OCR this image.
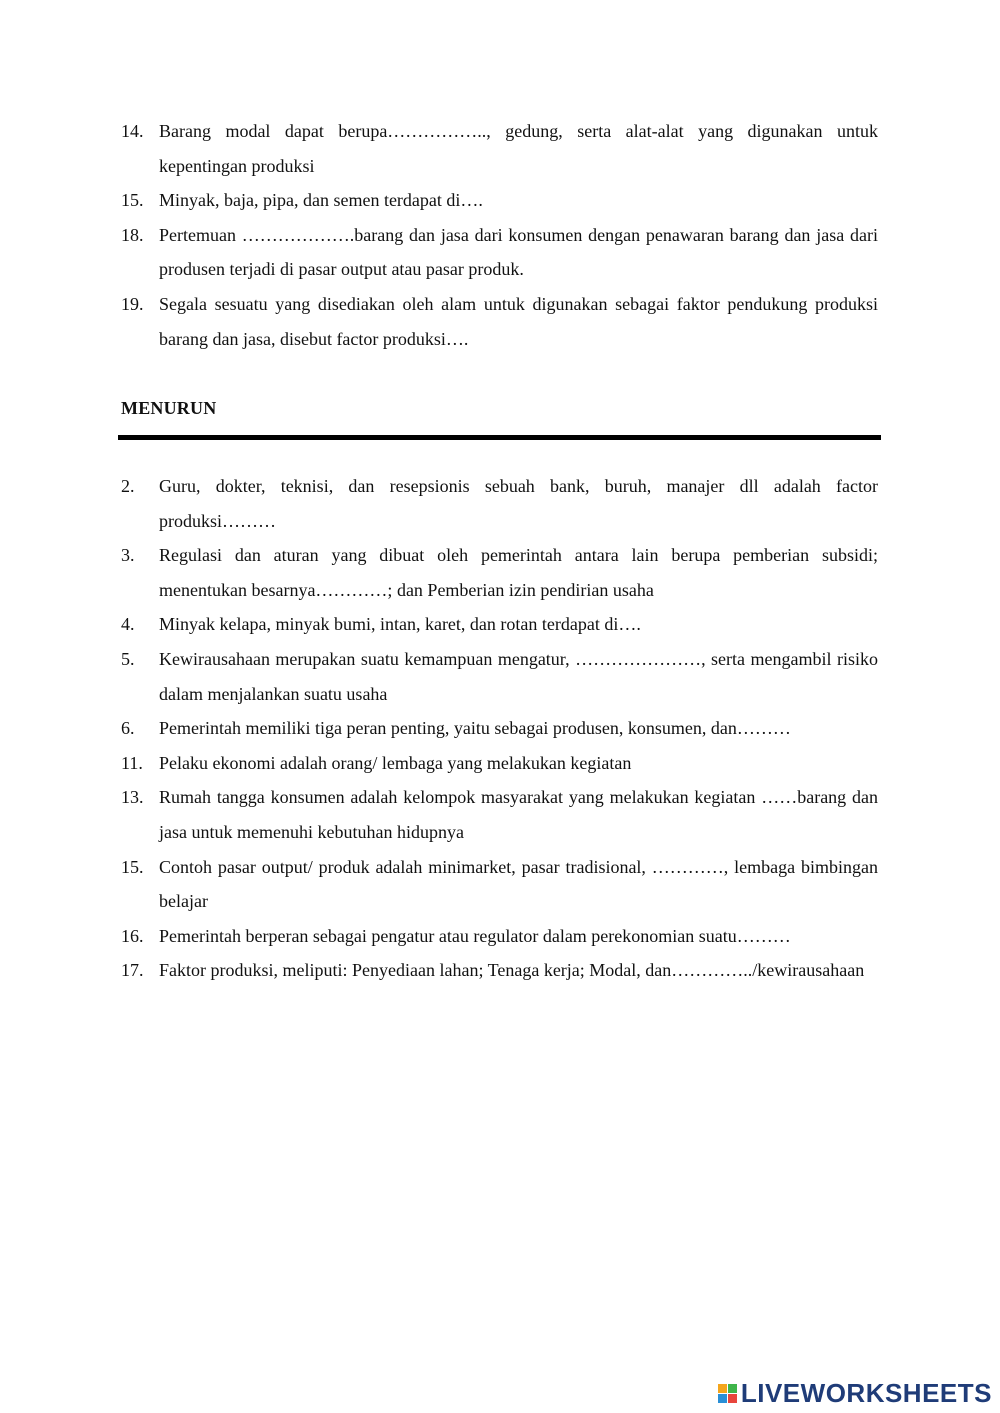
14. Barang modal dapat berupa…………….., gedung, serta alat-alat yang digunakan untuk kepentingan produksi
15. Minyak, baja, pipa, dan semen terdapat di….
18. Pertemuan ……………….barang dan jasa dari konsumen dengan penawaran barang dan jasa dari produsen terjadi di pasar output atau pasar produk.
19. Segala sesuatu yang disediakan oleh alam untuk digunakan sebagai faktor pendukung produksi barang dan jasa, disebut factor produksi….
MENURUN
2. Guru, dokter, teknisi, dan resepsionis sebuah bank, buruh, manajer dll adalah factor produksi………
3. Regulasi dan aturan yang dibuat oleh pemerintah antara lain berupa pemberian subsidi; menentukan besarnya…………; dan Pemberian izin pendirian usaha
4. Minyak kelapa, minyak bumi, intan, karet, dan rotan terdapat di….
5. Kewirausahaan merupakan suatu kemampuan mengatur, …………………, serta mengambil risiko dalam menjalankan suatu usaha
6. Pemerintah memiliki tiga peran penting, yaitu sebagai produsen, konsumen, dan………
11. Pelaku ekonomi adalah orang/ lembaga yang melakukan kegiatan
13. Rumah tangga konsumen adalah kelompok masyarakat yang melakukan kegiatan ……barang dan jasa untuk memenuhi kebutuhan hidupnya
15. Contoh pasar output/ produk adalah minimarket, pasar tradisional, …………, lembaga bimbingan belajar
16. Pemerintah berperan sebagai pengatur atau regulator dalam perekonomian suatu………
17. Faktor produksi, meliputi: Penyediaan lahan; Tenaga kerja; Modal, dan…………../kewirausahaan
LIVEWORKSHEETS
